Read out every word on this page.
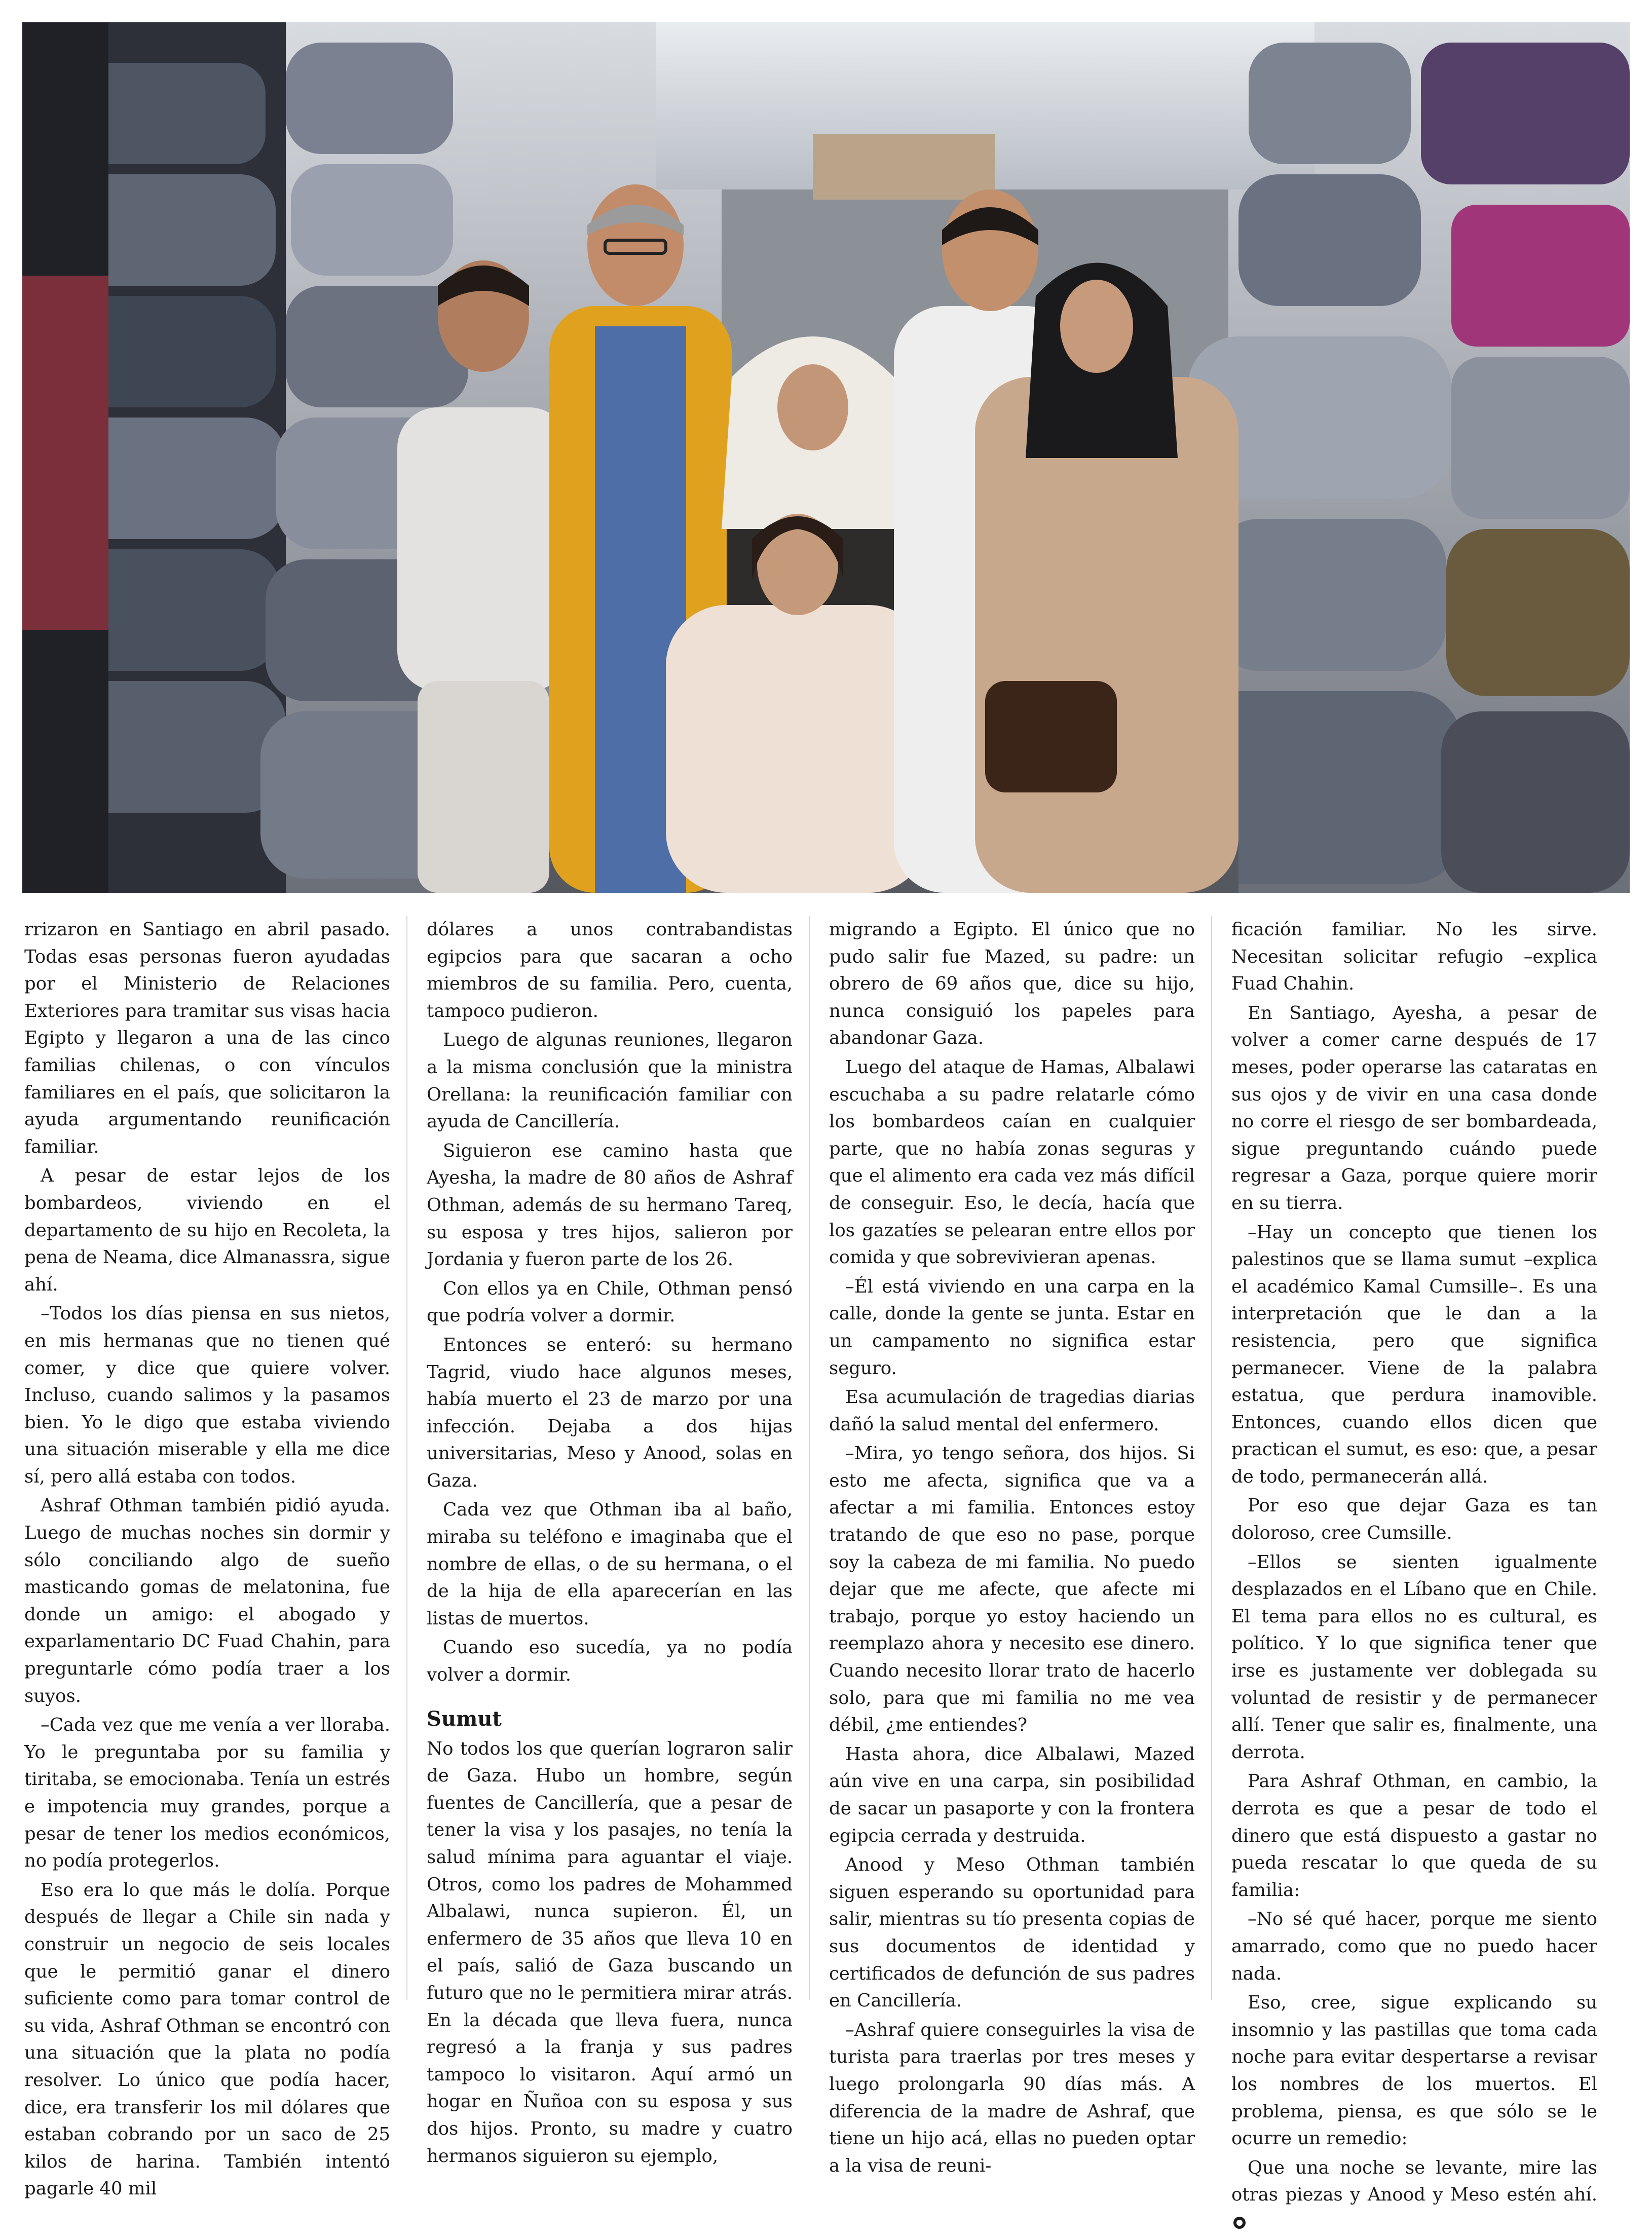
rrizaron en Santiago en abril pasado. Todas esas personas fueron ayudadas por el Ministerio de Relaciones Exteriores para tramitar sus visas hacia Egipto y llegaron a una de las cinco familias chilenas, o con vínculos familiares en el país, que solicitaron la ayuda argumentando reunificación familiar.

A pesar de estar lejos de los bombardeos, viviendo en el departamento de su hijo en Recoleta, la pena de Neama, dice Almanassra, sigue ahí.

–Todos los días piensa en sus nietos, en mis hermanas que no tienen qué comer, y dice que quiere volver. Incluso, cuando salimos y la pasamos bien. Yo le digo que estaba viviendo una situación miserable y ella me dice sí, pero allá estaba con todos.

Ashraf Othman también pidió ayuda. Luego de muchas noches sin dormir y sólo conciliando algo de sueño masticando gomas de melatonina, fue donde un amigo: el abogado y exparlamentario DC Fuad Chahin, para preguntarle cómo podía traer a los suyos.

–Cada vez que me venía a ver lloraba. Yo le preguntaba por su familia y tiritaba, se emocionaba. Tenía un estrés e impotencia muy grandes, porque a pesar de tener los medios económicos, no podía protegerlos.

Eso era lo que más le dolía. Porque después de llegar a Chile sin nada y construir un negocio de seis locales que le permitió ganar el dinero suficiente como para tomar control de su vida, Ashraf Othman se encontró con una situación que la plata no podía resolver. Lo único que podía hacer, dice, era transferir los mil dólares que estaban cobrando por un saco de 25 kilos de harina. También intentó pagarle 40 mil

dólares a unos contrabandistas egipcios para que sacaran a ocho miembros de su familia. Pero, cuenta, tampoco pudieron.

Luego de algunas reuniones, llegaron a la misma conclusión que la ministra Orellana: la reunificación familiar con ayuda de Cancillería.

Siguieron ese camino hasta que Ayesha, la madre de 80 años de Ashraf Othman, además de su hermano Tareq, su esposa y tres hijos, salieron por Jordania y fueron parte de los 26.

Con ellos ya en Chile, Othman pensó que podría volver a dormir.

Entonces se enteró: su hermano Tagrid, viudo hace algunos meses, había muerto el 23 de marzo por una infección. Dejaba a dos hijas universitarias, Meso y Anood, solas en Gaza.

Cada vez que Othman iba al baño, miraba su teléfono e imaginaba que el nombre de ellas, o de su hermana, o el de la hija de ella aparecerían en las listas de muertos.

Cuando eso sucedía, ya no podía volver a dormir.

Sumut

No todos los que querían lograron salir de Gaza. Hubo un hombre, según fuentes de Cancillería, que a pesar de tener la visa y los pasajes, no tenía la salud mínima para aguantar el viaje. Otros, como los padres de Mohammed Albalawi, nunca supieron. Él, un enfermero de 35 años que lleva 10 en el país, salió de Gaza buscando un futuro que no le permitiera mirar atrás. En la década que lleva fuera, nunca regresó a la franja y sus padres tampoco lo visitaron. Aquí armó un hogar en Ñuñoa con su esposa y sus dos hijos. Pronto, su madre y cuatro hermanos siguieron su ejemplo,

migrando a Egipto. El único que no pudo salir fue Mazed, su padre: un obrero de 69 años que, dice su hijo, nunca consiguió los papeles para abandonar Gaza.

Luego del ataque de Hamas, Albalawi escuchaba a su padre relatarle cómo los bombardeos caían en cualquier parte, que no había zonas seguras y que el alimento era cada vez más difícil de conseguir. Eso, le decía, hacía que los gazatíes se pelearan entre ellos por comida y que sobrevivieran apenas.

–Él está viviendo en una carpa en la calle, donde la gente se junta. Estar en un campamento no significa estar seguro.

Esa acumulación de tragedias diarias dañó la salud mental del enfermero.

–Mira, yo tengo señora, dos hijos. Si esto me afecta, significa que va a afectar a mi familia. Entonces estoy tratando de que eso no pase, porque soy la cabeza de mi familia. No puedo dejar que me afecte, que afecte mi trabajo, porque yo estoy haciendo un reemplazo ahora y necesito ese dinero. Cuando necesito llorar trato de hacerlo solo, para que mi familia no me vea débil, ¿me entiendes?

Hasta ahora, dice Albalawi, Mazed aún vive en una carpa, sin posibilidad de sacar un pasaporte y con la frontera egipcia cerrada y destruida.

Anood y Meso Othman también siguen esperando su oportunidad para salir, mientras su tío presenta copias de sus documentos de identidad y certificados de defunción de sus padres en Cancillería.

–Ashraf quiere conseguirles la visa de turista para traerlas por tres meses y luego prolongarla 90 días más. A diferencia de la madre de Ashraf, que tiene un hijo acá, ellas no pueden optar a la visa de reuni-

ficación familiar. No les sirve. Necesitan solicitar refugio –explica Fuad Chahin.

En Santiago, Ayesha, a pesar de volver a comer carne después de 17 meses, poder operarse las cataratas en sus ojos y de vivir en una casa donde no corre el riesgo de ser bombardeada, sigue preguntando cuándo puede regresar a Gaza, porque quiere morir en su tierra.

–Hay un concepto que tienen los palestinos que se llama sumut –explica el académico Kamal Cumsille–. Es una interpretación que le dan a la resistencia, pero que significa permanecer. Viene de la palabra estatua, que perdura inamovible. Entonces, cuando ellos dicen que practican el sumut, es eso: que, a pesar de todo, permanecerán allá.

Por eso que dejar Gaza es tan doloroso, cree Cumsille.

–Ellos se sienten igualmente desplazados en el Líbano que en Chile. El tema para ellos no es cultural, es político. Y lo que significa tener que irse es justamente ver doblegada su voluntad de resistir y de permanecer allí. Tener que salir es, finalmente, una derrota.

Para Ashraf Othman, en cambio, la derrota es que a pesar de todo el dinero que está dispuesto a gastar no pueda rescatar lo que queda de su familia:

–No sé qué hacer, porque me siento amarrado, como que no puedo hacer nada.

Eso, cree, sigue explicando su insomnio y las pastillas que toma cada noche para evitar despertarse a revisar los nombres de los muertos. El problema, piensa, es que sólo se le ocurre un remedio:

Que una noche se levante, mire las otras piezas y Anood y Meso estén ahí.
